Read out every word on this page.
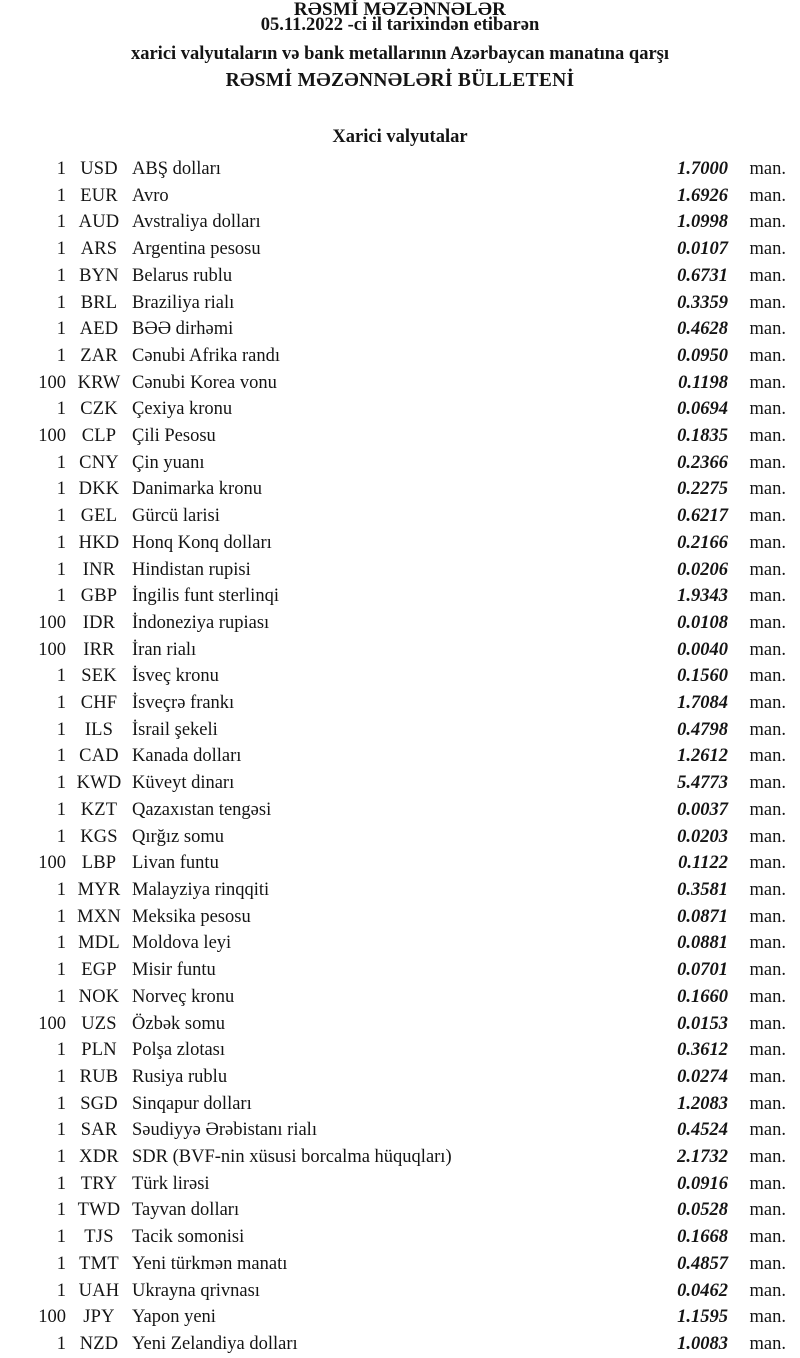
RƏSMİ MƏZƏNNƏLƏR
05.11.2022 -ci il tarixindən etibarən
xarici valyutaların və bank metallarının Azərbaycan manatına qarşı
RƏSMİ MƏZƏNNƏLƏRİ BÜLLETENİ
Xarici valyutalar
1	USD	ABŞ dolları	1.7000	man.
1	EUR	Avro	1.6926	man.
1	AUD	Avstraliya dolları	1.0998	man.
1	ARS	Argentina pesosu	0.0107	man.
1	BYN	Belarus rublu	0.6731	man.
1	BRL	Braziliya rialı	0.3359	man.
1	AED	BƏƏ dirhəmi	0.4628	man.
1	ZAR	Cənubi Afrika randı	0.0950	man.
100	KRW	Cənubi Korea vonu	0.1198	man.
1	CZK	Çexiya kronu	0.0694	man.
100	CLP	Çili Pesosu	0.1835	man.
1	CNY	Çin yuanı	0.2366	man.
1	DKK	Danimarka kronu	0.2275	man.
1	GEL	Gürcü larisi	0.6217	man.
1	HKD	Honq Konq dolları	0.2166	man.
1	INR	Hindistan rupisi	0.0206	man.
1	GBP	İngilis funt sterlinqi	1.9343	man.
100	IDR	İndoneziya rupiası	0.0108	man.
100	IRR	İran rialı	0.0040	man.
1	SEK	İsveç kronu	0.1560	man.
1	CHF	İsveçrə frankı	1.7084	man.
1	ILS	İsrail şekeli	0.4798	man.
1	CAD	Kanada dolları	1.2612	man.
1	KWD	Küveyt dinarı	5.4773	man.
1	KZT	Qazaxıstan tengəsi	0.0037	man.
1	KGS	Qırğız somu	0.0203	man.
100	LBP	Livan funtu	0.1122	man.
1	MYR	Malayziya rinqqiti	0.3581	man.
1	MXN	Meksika pesosu	0.0871	man.
1	MDL	Moldova leyi	0.0881	man.
1	EGP	Misir funtu	0.0701	man.
1	NOK	Norveç kronu	0.1660	man.
100	UZS	Özbək somu	0.0153	man.
1	PLN	Polşa zlotası	0.3612	man.
1	RUB	Rusiya rublu	0.0274	man.
1	SGD	Sinqapur dolları	1.2083	man.
1	SAR	Səudiyyə Ərəbistanı rialı	0.4524	man.
1	XDR	SDR (BVF-nin xüsusi borcalma hüquqları)	2.1732	man.
1	TRY	Türk lirəsi	0.0916	man.
1	TWD	Tayvan dolları	0.0528	man.
1	TJS	Tacik somonisi	0.1668	man.
1	TMT	Yeni türkmən manatı	0.4857	man.
1	UAH	Ukrayna qrivnası	0.0462	man.
100	JPY	Yapon yeni	1.1595	man.
1	NZD	Yeni Zelandiya dolları	1.0083	man.
